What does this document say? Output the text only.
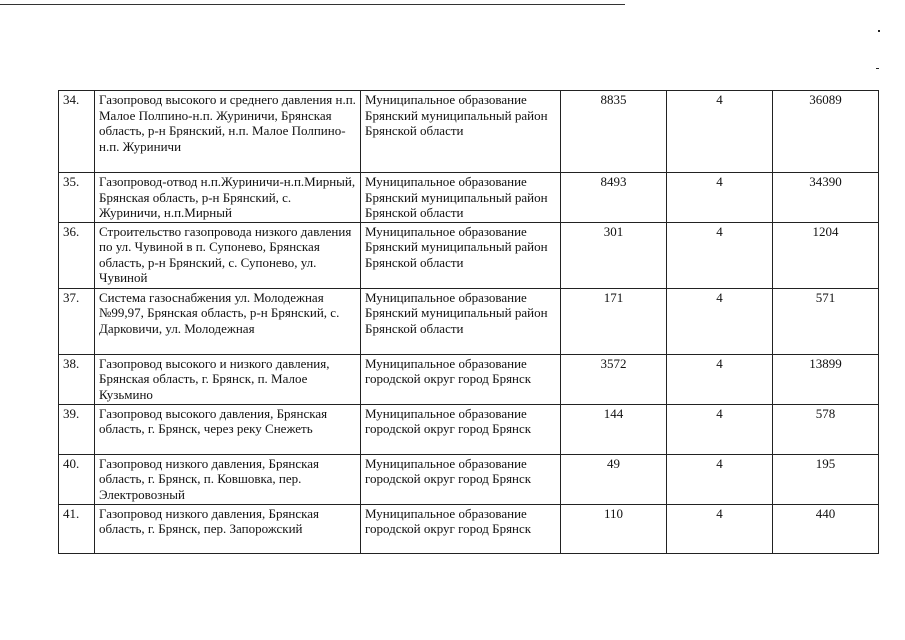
34.	Газопровод высокого и среднего давления н.п. Малое Полпино-н.п. Журиничи, Брянская область, р-н Брянский, н.п. Малое Полпино-н.п. Журиничи	Муниципальное образование Брянский муниципальный район Брянской области	8835	4	36089
35.	Газопровод-отвод н.п.Журиничи-н.п.Мирный, Брянская область, р-н Брянский, с. Журиничи, н.п.Мирный	Муниципальное образование Брянский муниципальный район Брянской области	8493	4	34390
36.	Строительство газопровода низкого давления по ул. Чувиной в п. Супонево, Брянская область, р-н Брянский, с. Супонево, ул. Чувиной	Муниципальное образование Брянский муниципальный район Брянской области	301	4	1204
37.	Система газоснабжения ул. Молодежная №99,97, Брянская область, р-н Брянский, с. Дарковичи, ул. Молодежная	Муниципальное образование Брянский муниципальный район Брянской области	171	4	571
38.	Газопровод высокого и низкого давления, Брянская область, г. Брянск, п. Малое Кузьмино	Муниципальное образование городской округ город Брянск	3572	4	13899
39.	Газопровод высокого давления, Брянская область, г. Брянск, через реку Снежеть	Муниципальное образование городской округ город Брянск	144	4	578
40.	Газопровод низкого давления, Брянская область, г. Брянск, п. Ковшовка, пер. Электровозный	Муниципальное образование городской округ город Брянск	49	4	195
41.	Газопровод низкого давления, Брянская область, г. Брянск, пер. Запорожский	Муниципальное образование городской округ город Брянск	110	4	440
